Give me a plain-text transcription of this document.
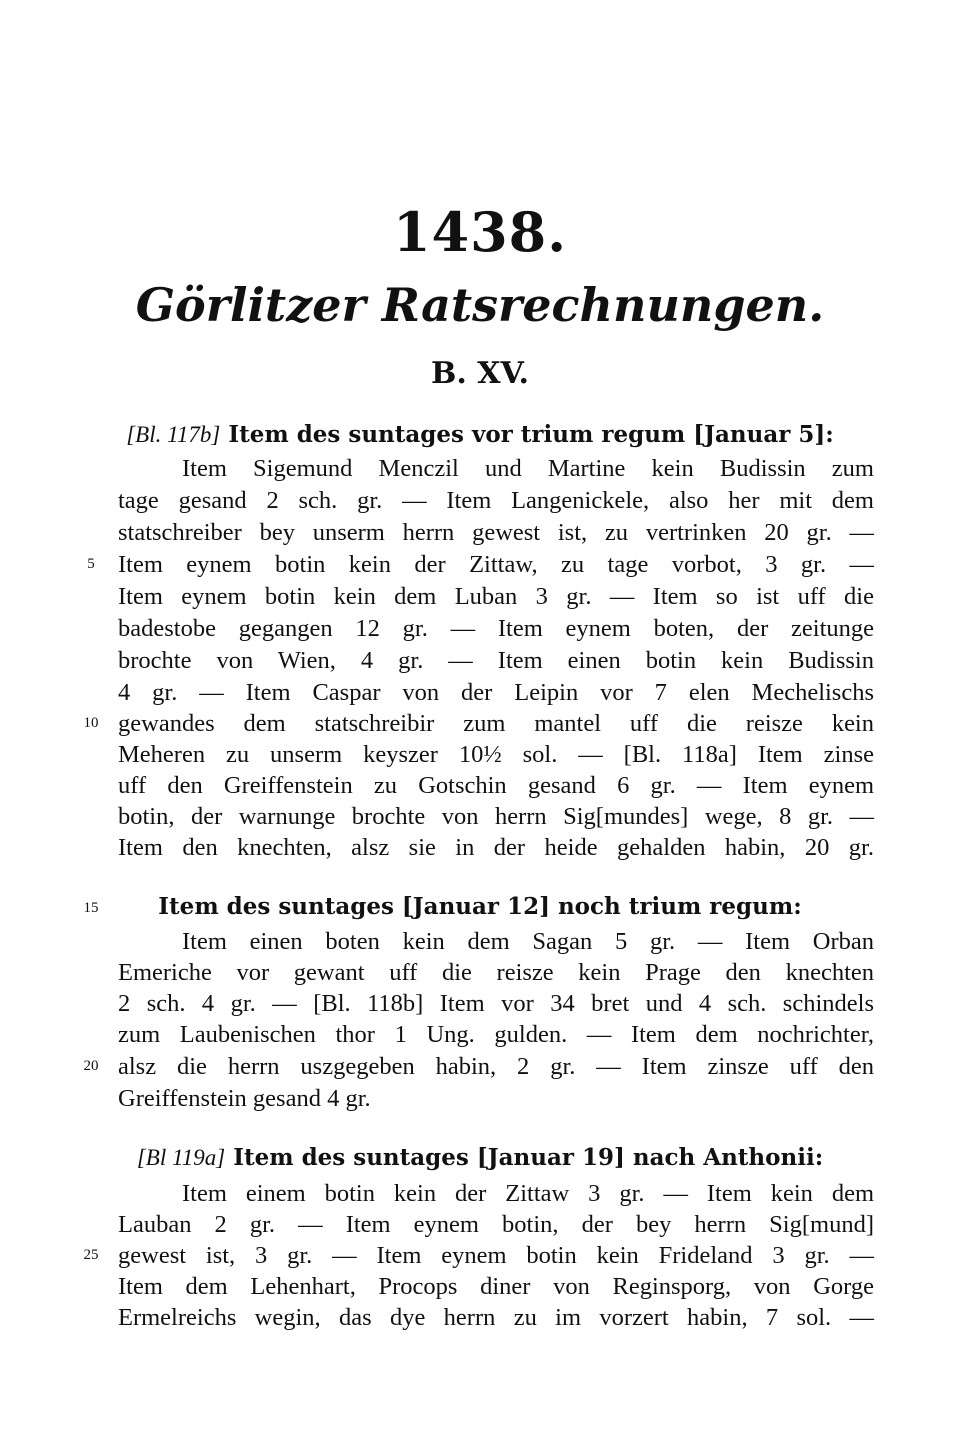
1438.
Görlitzer Ratsrechnungen.
B. XV.
[Bl. 117b] Item des suntages vor trium regum [Januar 5]:
Item Sigemund Menczil und Martine kein Budissin zum
tage gesand 2 sch. gr. — Item Langenickele, also her mit dem
statschreiber bey unserm herrn gewest ist, zu vertrinken 20 gr. —
Item eynem botin kein der Zittaw, zu tage vorbot, 3 gr. —
Item eynem botin kein dem Luban 3 gr. — Item so ist uff die
badestobe gegangen 12 gr. — Item eynem boten, der zeitunge
brochte von Wien, 4 gr. — Item einen botin kein Budissin
4 gr. — Item Caspar von der Leipin vor 7 elen Mechelischs
gewandes dem statschreibir zum mantel uff die reisze kein
Meheren zu unserm keyszer 10½ sol. — [Bl. 118a] Item zinse
uff den Greiffenstein zu Gotschin gesand 6 gr. — Item eynem
botin, der warnunge brochte von herrn Sig[mundes] wege, 8 gr. —
Item den knechten, alsz sie in der heide gehalden habin, 20 gr.
Item des suntages [Januar 12] noch trium regum:
Item einen boten kein dem Sagan 5 gr. — Item Orban
Emeriche vor gewant uff die reisze kein Prage den knechten
2 sch. 4 gr. — [Bl. 118b] Item vor 34 bret und 4 sch. schindels
zum Laubenischen thor 1 Ung. gulden. — Item dem nochrichter,
alsz die herrn uszgegeben habin, 2 gr. — Item zinsze uff den
Greiffenstein gesand 4 gr.
[Bl 119a] Item des suntages [Januar 19] nach Anthonii:
Item einem botin kein der Zittaw 3 gr. — Item kein dem
Lauban 2 gr. — Item eynem botin, der bey herrn Sig[mund]
gewest ist, 3 gr. — Item eynem botin kein Frideland 3 gr. —
Item dem Lehenhart, Procops diner von Reginsporg, von Gorge
Ermelreichs wegin, das dye herrn zu im vorzert habin, 7 sol. —
5
10
15
20
25
